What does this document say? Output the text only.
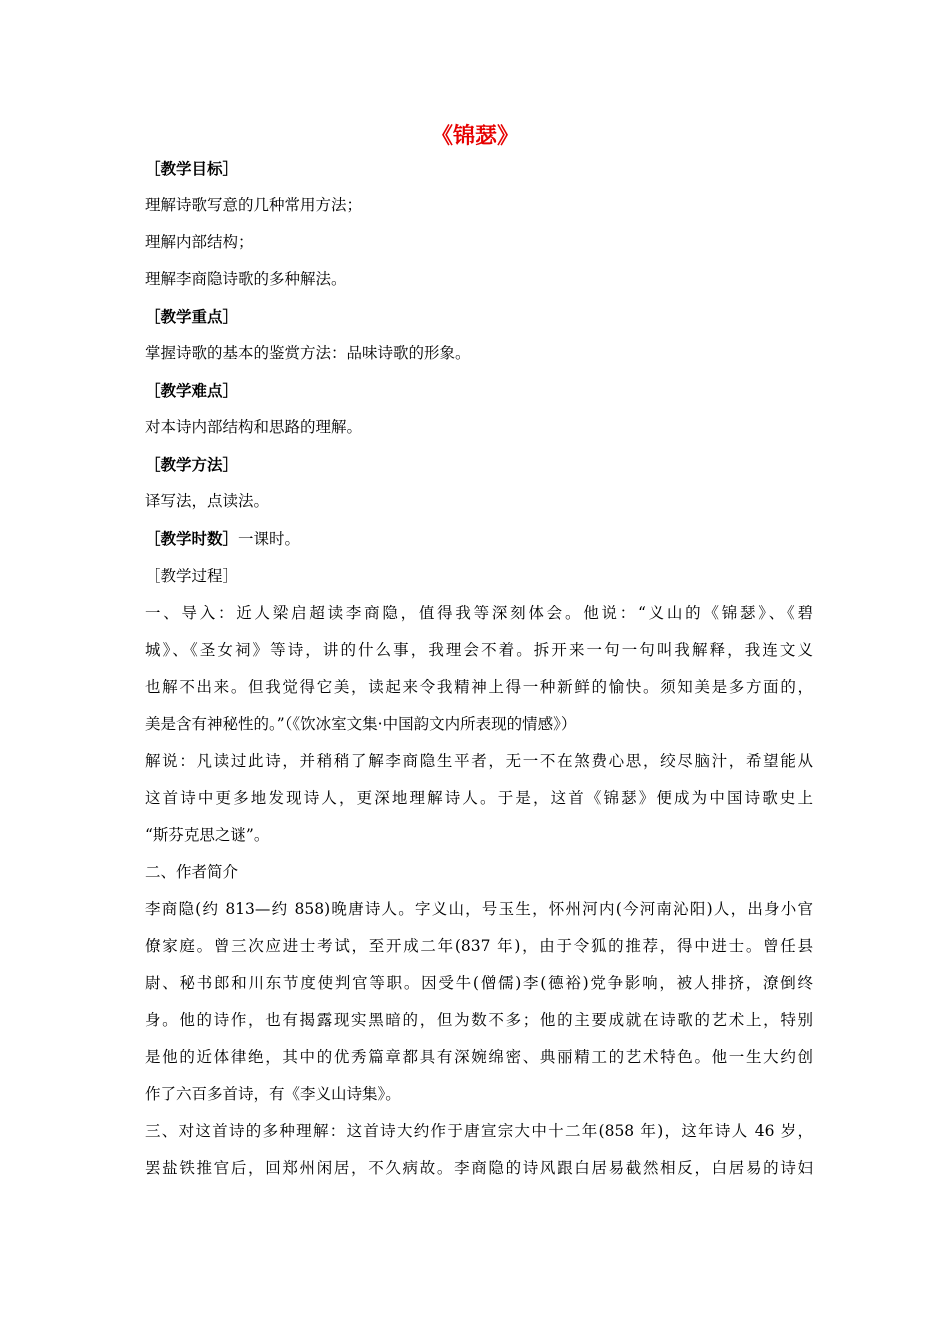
《锦瑟》

［教学目标］

理解诗歌写意的几种常用方法；

理解内部结构；

理解李商隐诗歌的多种解法。

［教学重点］

掌握诗歌的基本的鉴赏方法：品味诗歌的形象。

［教学难点］

对本诗内部结构和思路的理解。

［教学方法］

译写法，点读法。

［教学时数］一课时。

［教学过程］

一、导入：近人梁启超读李商隐，值得我等深刻体会。他说：“义山的《锦瑟》、《碧
城》、《圣女祠》等诗，讲的什么事，我理会不着。拆开来一句一句叫我解释，我连文义
也解不出来。但我觉得它美，读起来令我精神上得一种新鲜的愉快。须知美是多方面的，
美是含有神秘性的。”（《饮冰室文集·中国韵文内所表现的情感》）

解说：凡读过此诗，并稍稍了解李商隐生平者，无一不在煞费心思，绞尽脑汁，希望能从
这首诗中更多地发现诗人，更深地理解诗人。于是，这首《锦瑟》便成为中国诗歌史上
“斯芬克思之谜”。

二、作者简介

李商隐(约 813—约 858)晚唐诗人。字义山，号玉生，怀州河内(今河南沁阳)人，出身小官
僚家庭。曾三次应进士考试，至开成二年(837 年)，由于令狐的推荐，得中进士。曾任县
尉、秘书郎和川东节度使判官等职。因受牛(僧儒)李(德裕)党争影响，被人排挤，潦倒终
身。他的诗作，也有揭露现实黑暗的，但为数不多；他的主要成就在诗歌的艺术上，特别
是他的近体律绝，其中的优秀篇章都具有深婉绵密、典丽精工的艺术特色。他一生大约创
作了六百多首诗，有《李义山诗集》。

三、对这首诗的多种理解：这首诗大约作于唐宣宗大中十二年(858 年)，这年诗人 46 岁，
罢盐铁推官后，回郑州闲居，不久病故。李商隐的诗风跟白居易截然相反，白居易的诗妇
